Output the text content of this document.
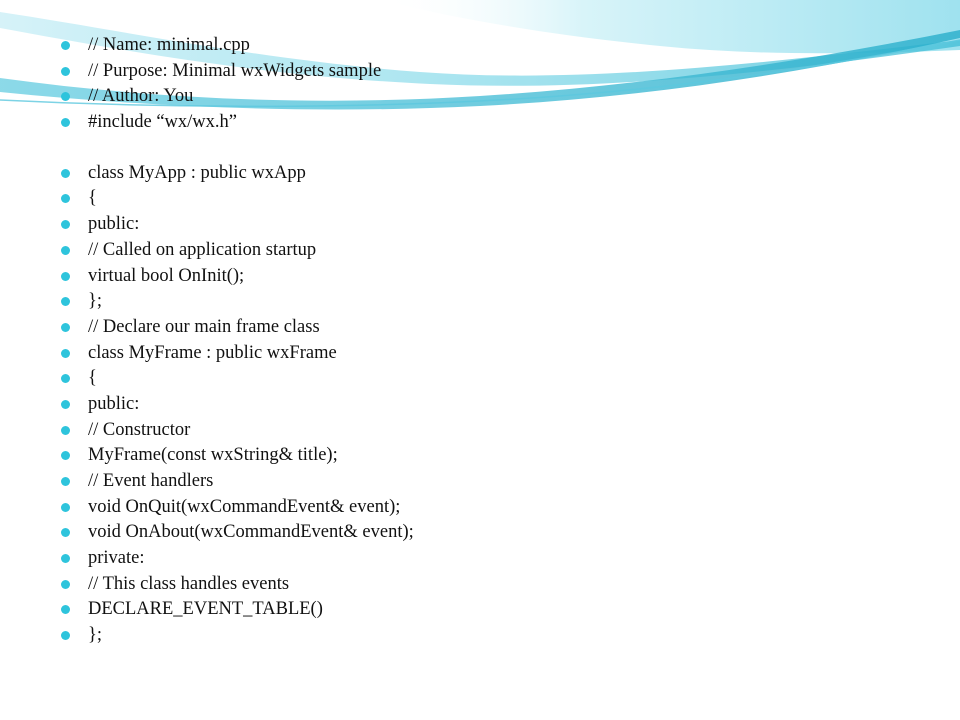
// Name: minimal.cpp
// Purpose: Minimal wxWidgets sample
// Author: You
#include “wx/wx.h”
class MyApp : public wxApp
{
public:
// Called on application startup
virtual bool OnInit();
};
// Declare our main frame class
class MyFrame : public wxFrame
{
public:
// Constructor
MyFrame(const wxString& title);
// Event handlers
void OnQuit(wxCommandEvent& event);
void OnAbout(wxCommandEvent& event);
private:
// This class handles events
DECLARE_EVENT_TABLE()
};
